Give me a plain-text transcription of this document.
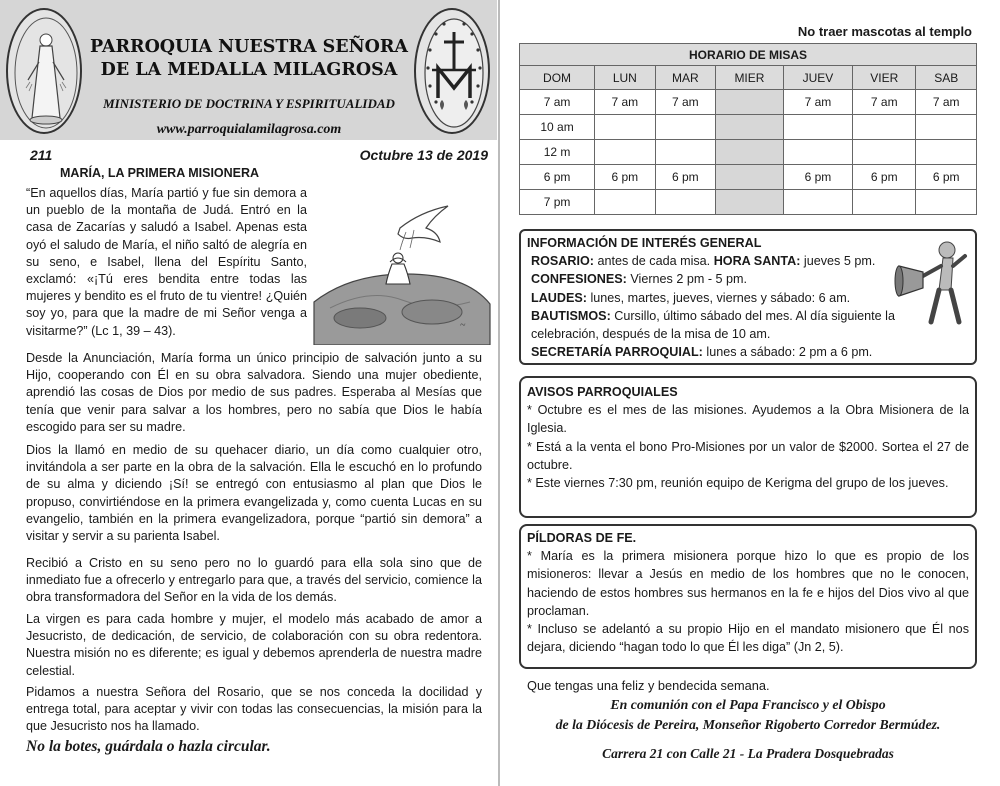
PARROQUIA NUESTRA SEÑORA
DE LA MEDALLA MILAGROSA
MINISTERIO DE DOCTRINA Y ESPIRITUALIDAD
www.parroquialamilagrosa.com
211	Octubre 13 de 2019
MARÍA, LA PRIMERA MISIONERA
“En aquellos días, María partió y fue sin demora a un pueblo de la montaña de Judá. Entró en la casa de Zacarías y saludó a Isabel. Apenas esta oyó el saludo de María, el niño saltó de alegría en su seno, e Isabel, llena del Espíritu Santo, exclamó: «¡Tú eres bendita entre todas las mujeres y bendito es el fruto de tu vientre! ¿Quién soy yo, para que la madre de mi Señor venga a visitarme?” (Lc 1, 39 – 43).	~
Desde la Anunciación, María forma un único principio de salvación junto a su Hijo, cooperando con Él en su obra salvadora. Siendo una mujer obediente, aprendió las cosas de Dios por medio de sus padres. Esperaba al Mesías que tenía que venir para salvar a los hombres, pero no sabía que Dios le había escogido para ser su madre.
Dios la llamó en medio de su quehacer diario, un día como cualquier otro, invitándola a ser parte en la obra de la salvación. Ella le escuchó en lo profundo de su alma y diciendo ¡Sí! se entregó con entusiasmo al plan que Dios le propuso, convirtiéndose en la primera evangelizada y, como cuenta Lucas en su evangelio, también en la primera evangelizadora, porque “partió sin demora” a visitar y servir a su parienta Isabel.
Recibió a Cristo en su seno pero no lo guardó para ella sola sino que de inmediato fue a ofrecerlo y entregarlo para que, a través del servicio, comience la obra transformadora del Señor en la vida de los demás.
La virgen es para cada hombre y mujer, el modelo más acabado de amor a Jesucristo, de dedicación, de servicio, de colaboración con su obra redentora. Nuestra misión no es diferente; es igual y debemos aprenderla de nuestra madre celestial.
Pidamos a nuestra Señora del Rosario, que se nos conceda la docilidad y entrega total, para aceptar y vivir con todas las consecuencias, la misión para la que Jesucristo nos ha llamado.
No la botes, guárdala o hazla circular.
No traer mascotas al templo
HORARIO DE MISAS						
DOM	LUN	MAR	MIER	JUEV	VIER	SAB
7 am	7 am	7 am		7 am	7 am	7 am
10 am						
12 m						
6 pm	6 pm	6 pm		6 pm	6 pm	6 pm
7 pm						
INFORMACIÓN DE INTERÉS GENERAL
ROSARIO: antes de cada misa. HORA SANTA: jueves 5 pm.
CONFESIONES: Viernes 2 pm - 5 pm.
LAUDES: lunes, martes, jueves, viernes y sábado: 6 am.
BAUTISMOS: Cursillo, último sábado del mes. Al día siguiente la celebración, después de la misa de 10 am.
SECRETARÍA PARROQUIAL: lunes a sábado: 2 pm a 6 pm.
AVISOS PARROQUIALES
* Octubre es el mes de las misiones. Ayudemos a la Obra Misionera de la Iglesia.
* Está a la venta el bono Pro-Misiones por un valor de $2000. Sortea el 27 de octubre.
* Este viernes 7:30 pm, reunión equipo de Kerigma del grupo de los jueves.
PÍLDORAS DE FE.
* María es la primera misionera porque hizo lo que es propio de los misioneros: llevar a Jesús en medio de los hombres que no le conocen, haciendo de estos hombres sus hermanos en la fe e hijos del Dios vivo al que proclaman.
* Incluso se adelantó a su propio Hijo en el mandato misionero que Él nos dejara, diciendo “hagan todo lo que Él les diga” (Jn 2, 5).
Que tengas una feliz y bendecida semana.
En comunión con el Papa Francisco y el Obispo
de la Diócesis de Pereira, Monseñor Rigoberto Corredor Bermúdez.
Carrera 21 con Calle 21 - La Pradera Dosquebradas
